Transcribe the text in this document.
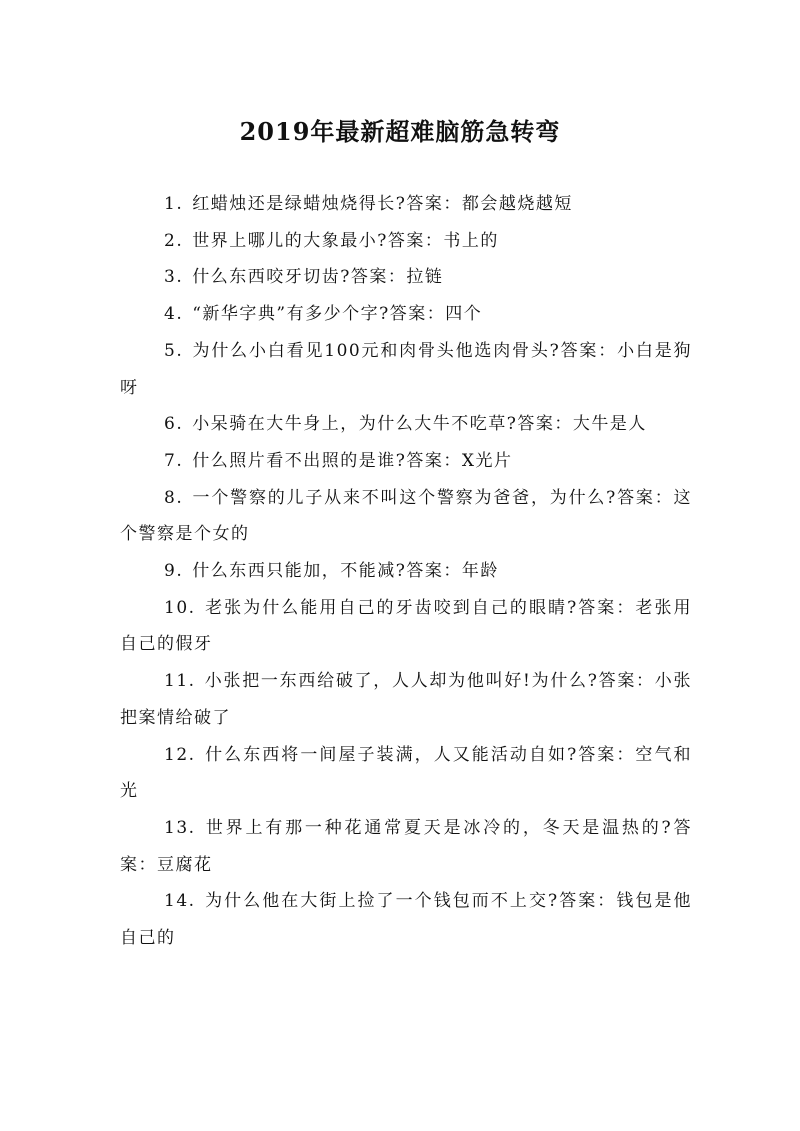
2019年最新超难脑筋急转弯
1. 红蜡烛还是绿蜡烛烧得长?答案：都会越烧越短
2. 世界上哪儿的大象最小?答案：书上的
3. 什么东西咬牙切齿?答案：拉链
4. “新华字典”有多少个字?答案：四个
5. 为什么小白看见100元和肉骨头他选肉骨头?答案：小白是狗呀
6. 小呆骑在大牛身上，为什么大牛不吃草?答案：大牛是人
7. 什么照片看不出照的是谁?答案：X光片
8. 一个警察的儿子从来不叫这个警察为爸爸，为什么?答案：这个警察是个女的
9. 什么东西只能加，不能减?答案：年龄
10. 老张为什么能用自己的牙齿咬到自己的眼睛?答案：老张用自己的假牙
11. 小张把一东西给破了，人人却为他叫好!为什么?答案：小张把案情给破了
12. 什么东西将一间屋子装满，人又能活动自如?答案：空气和光
13. 世界上有那一种花通常夏天是冰冷的，冬天是温热的?答案：豆腐花
14. 为什么他在大街上捡了一个钱包而不上交?答案：钱包是他自己的
